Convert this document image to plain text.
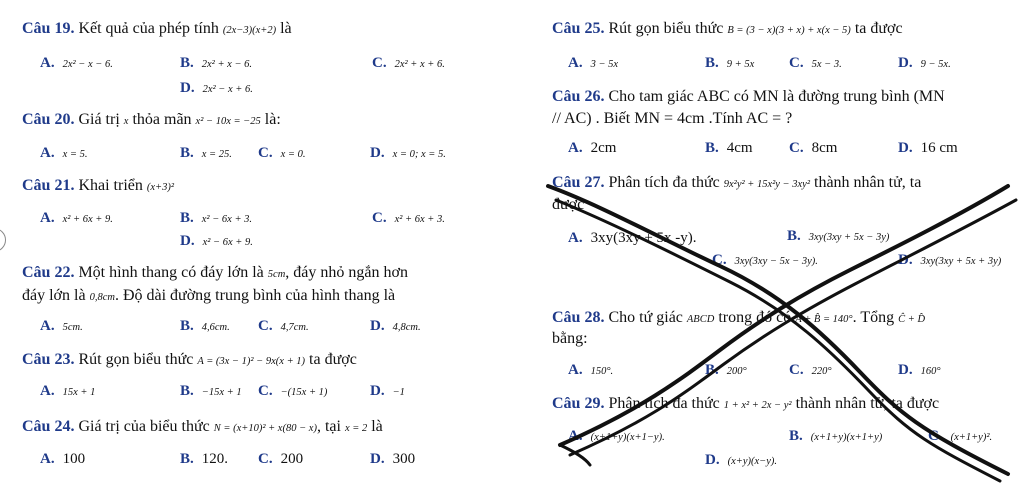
Câu 19. Kết quả của phép tính (2x−3)(x+2) là
A. 2x² − x − 6.	B. 2x² + x − 6.	C. 2x² + x + 6.
D. 2x² − x + 6.
Câu 20. Giá trị x thỏa mãn x² − 10x = −25 là:
A. x = 5.	B. x = 25. C. x = 0.	D. x = 0; x = 5.
Câu 21. Khai triển (x+3)²
A. x² + 6x + 9.	B. x² − 6x + 3.	C. x² + 6x + 3.
D. x² − 6x + 9.
Câu 22. Một hình thang có đáy lớn là 5cm, đáy nhỏ ngắn hơn
đáy lớn là 0,8cm. Độ dài đường trung bình của hình thang là
A. 5cm.	B. 4,6cm. C. 4,7cm.	D. 4,8cm.
Câu 23. Rút gọn biểu thức A = (3x − 1)² − 9x(x + 1) ta được
A. 15x + 1	B. −15x + 1 C. −(15x + 1)	D. −1
Câu 24. Giá trị của biểu thức N = (x+10)² + x(80 − x), tại x = 2 là
A. 100	B. 120. C. 200	D. 300
Câu 25. Rút gọn biểu thức B = (3 − x)(3 + x) + x(x − 5) ta được
A. 3 − 5x	B. 9 + 5x C. 5x − 3.	D. 9 − 5x.
Câu 26. Cho tam giác ABC có MN là đường trung bình (MN
// AC) . Biết MN = 4cm .Tính AC = ?
A. 2cm	B. 4cm C. 8cm	D. 16 cm
Câu 27. Phân tích đa thức 9x²y² + 15x²y − 3xy² thành nhân tử, ta
được
A. 3xy(3xy + 5x -y).	B. 3xy(3xy + 5x − 3y)
C. 3xy(3xy − 5x − 3y).	D. 3xy(3xy + 5x + 3y)
Câu 28. Cho tứ giác ABCD trong đó có Â + B̂ = 140°. Tổng Ĉ + D̂
bằng:
A. 150°.	B. 200°	C. 220°	D. 160°
Câu 29. Phân tích đa thức 1 + x² + 2x − y² thành nhân tử, ta được
A. (x+1+y)(x+1−y).	B. (x+1+y)(x+1+y)	C. (x+1+y)².
D. (x+y)(x−y).
